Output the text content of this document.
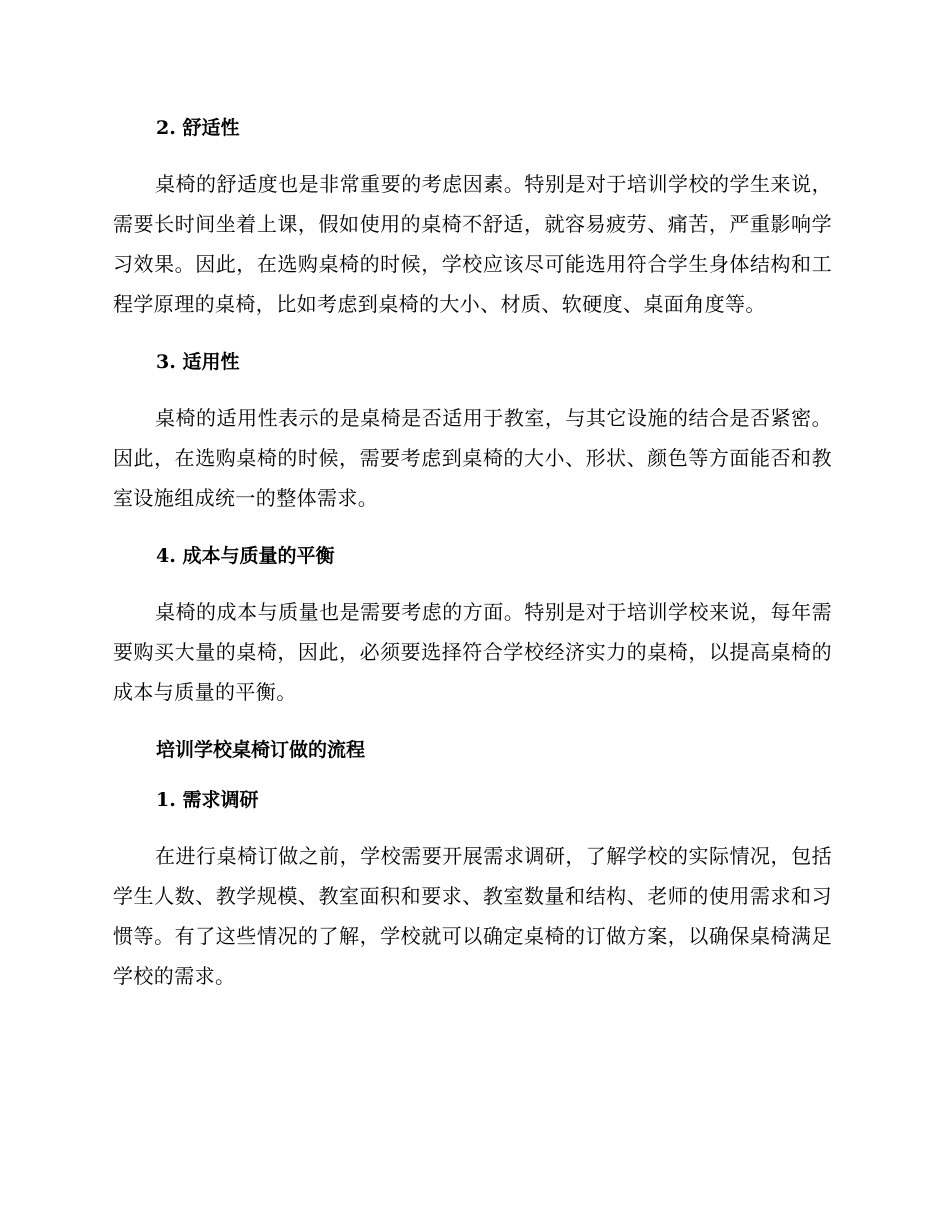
2. 舒适性

桌椅的舒适度也是非常重要的考虑因素。特别是对于培训学校的学生来说，需要长时间坐着上课，假如使用的桌椅不舒适，就容易疲劳、痛苦，严重影响学习效果。因此，在选购桌椅的时候，学校应该尽可能选用符合学生身体结构和工程学原理的桌椅，比如考虑到桌椅的大小、材质、软硬度、桌面角度等。

3. 适用性

桌椅的适用性表示的是桌椅是否适用于教室，与其它设施的结合是否紧密。因此，在选购桌椅的时候，需要考虑到桌椅的大小、形状、颜色等方面能否和教室设施组成统一的整体需求。

4. 成本与质量的平衡

桌椅的成本与质量也是需要考虑的方面。特别是对于培训学校来说，每年需要购买大量的桌椅，因此，必须要选择符合学校经济实力的桌椅，以提高桌椅的成本与质量的平衡。

培训学校桌椅订做的流程

1. 需求调研

在进行桌椅订做之前，学校需要开展需求调研，了解学校的实际情况，包括学生人数、教学规模、教室面积和要求、教室数量和结构、老师的使用需求和习惯等。有了这些情况的了解，学校就可以确定桌椅的订做方案，以确保桌椅满足学校的需求。
